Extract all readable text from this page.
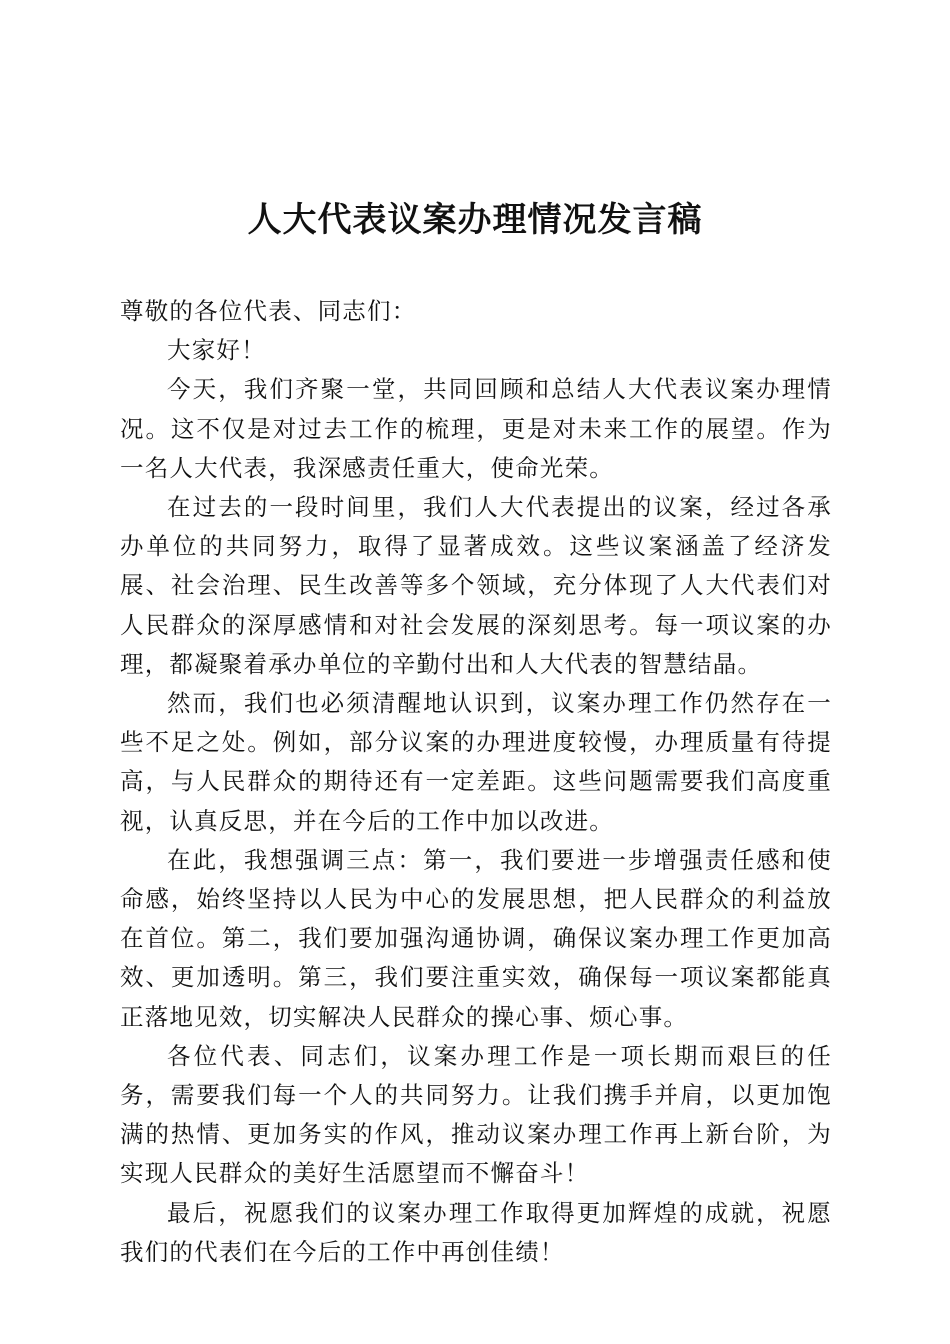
人大代表议案办理情况发言稿

尊敬的各位代表、同志们：

大家好！

今天，我们齐聚一堂，共同回顾和总结人大代表议案办理情况。这不仅是对过去工作的梳理，更是对未来工作的展望。作为一名人大代表，我深感责任重大，使命光荣。

在过去的一段时间里，我们人大代表提出的议案，经过各承办单位的共同努力，取得了显著成效。这些议案涵盖了经济发展、社会治理、民生改善等多个领域，充分体现了人大代表们对人民群众的深厚感情和对社会发展的深刻思考。每一项议案的办理，都凝聚着承办单位的辛勤付出和人大代表的智慧结晶。

然而，我们也必须清醒地认识到，议案办理工作仍然存在一些不足之处。例如，部分议案的办理进度较慢，办理质量有待提高，与人民群众的期待还有一定差距。这些问题需要我们高度重视，认真反思，并在今后的工作中加以改进。

在此，我想强调三点：第一，我们要进一步增强责任感和使命感，始终坚持以人民为中心的发展思想，把人民群众的利益放在首位。第二，我们要加强沟通协调，确保议案办理工作更加高效、更加透明。第三，我们要注重实效，确保每一项议案都能真正落地见效，切实解决人民群众的操心事、烦心事。

各位代表、同志们，议案办理工作是一项长期而艰巨的任务，需要我们每一个人的共同努力。让我们携手并肩，以更加饱满的热情、更加务实的作风，推动议案办理工作再上新台阶，为实现人民群众的美好生活愿望而不懈奋斗！

最后，祝愿我们的议案办理工作取得更加辉煌的成就，祝愿我们的代表们在今后的工作中再创佳绩！
